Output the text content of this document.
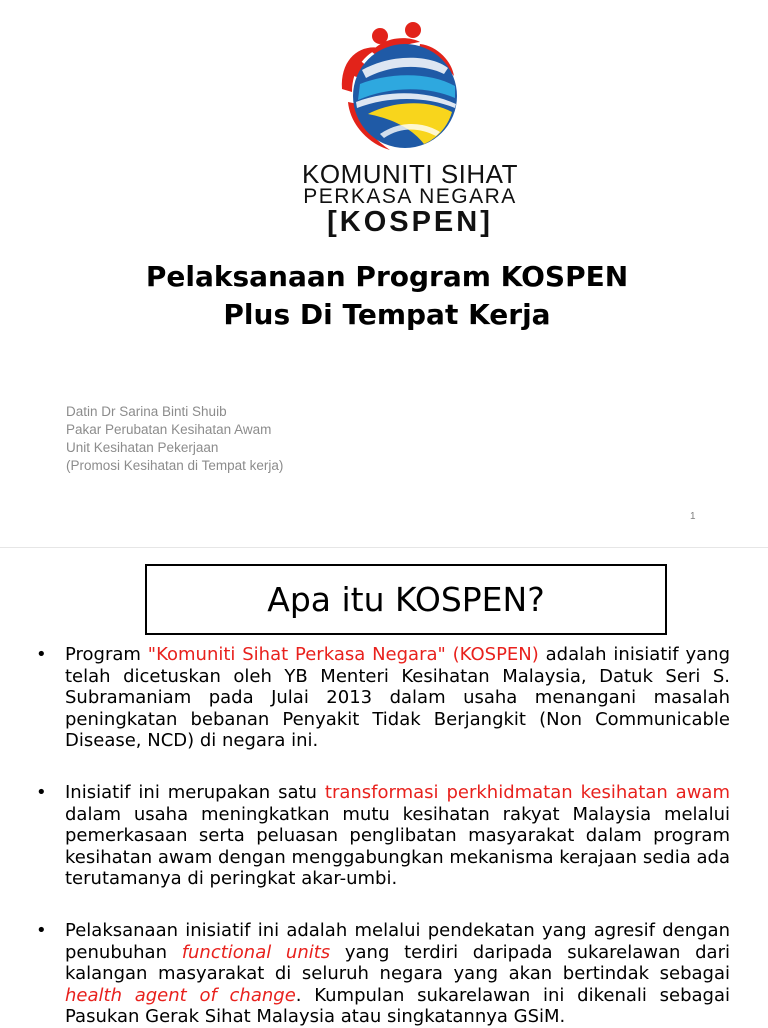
KOMUNITI SIHAT
PERKASA NEGARA
[KOSPEN]
Pelaksanaan Program KOSPEN
Plus Di Tempat Kerja
Datin Dr Sarina Binti Shuib
Pakar Perubatan Kesihatan Awam
Unit Kesihatan Pekerjaan
(Promosi Kesihatan di Tempat kerja)
1
Apa itu KOSPEN?
• Program "Komuniti Sihat Perkasa Negara" (KOSPEN) adalah inisiatif yang telah dicetuskan oleh YB Menteri Kesihatan Malaysia, Datuk Seri S. Subramaniam pada Julai 2013 dalam usaha menangani masalah peningkatan bebanan Penyakit Tidak Berjangkit (Non Communicable Disease, NCD) di negara ini.
• Inisiatif ini merupakan satu transformasi perkhidmatan kesihatan awam dalam usaha meningkatkan mutu kesihatan rakyat Malaysia melalui pemerkasaan serta peluasan penglibatan masyarakat dalam program kesihatan awam dengan menggabungkan mekanisma kerajaan sedia ada terutamanya di peringkat akar-umbi.
• Pelaksanaan inisiatif ini adalah melalui pendekatan yang agresif dengan penubuhan functional units yang terdiri daripada sukarelawan dari kalangan masyarakat di seluruh negara yang akan bertindak sebagai health agent of change. Kumpulan sukarelawan ini dikenali sebagai Pasukan Gerak Sihat Malaysia atau singkatannya GSiM.
